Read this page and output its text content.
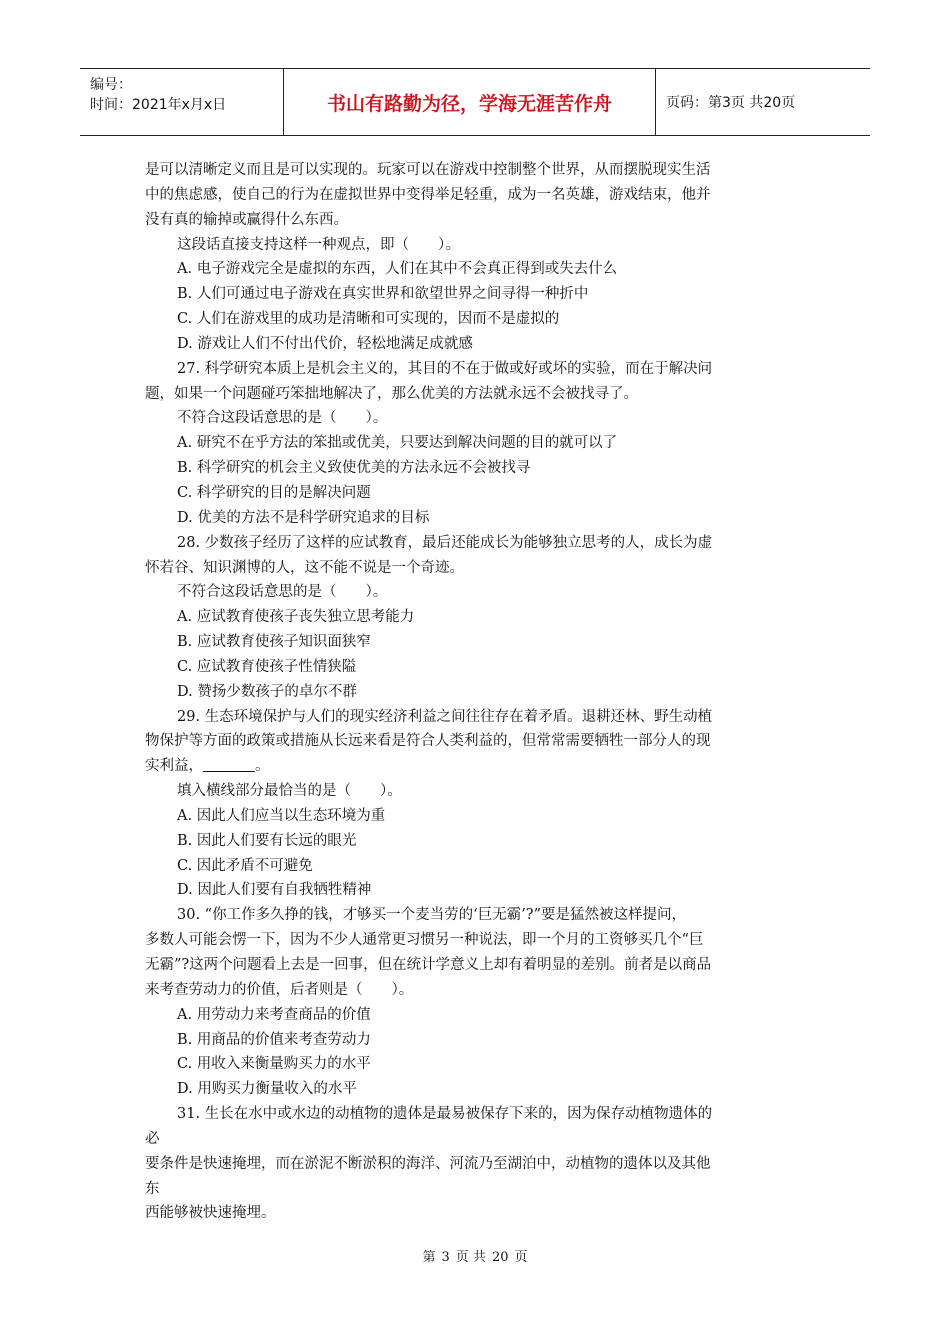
编号：
时间：2021年x月x日	书山有路勤为径，学海无涯苦作舟	页码：第3页 共20页

是可以清晰定义而且是可以实现的。玩家可以在游戏中控制整个世界，从而摆脱现实生活

中的焦虑感，使自己的行为在虚拟世界中变得举足轻重，成为一名英雄，游戏结束，他并

没有真的输掉或赢得什么东西。

这段话直接支持这样一种观点，即（　　）。

A. 电子游戏完全是虚拟的东西，人们在其中不会真正得到或失去什么

B. 人们可通过电子游戏在真实世界和欲望世界之间寻得一种折中

C. 人们在游戏里的成功是清晰和可实现的，因而不是虚拟的

D. 游戏让人们不付出代价，轻松地满足成就感

27. 科学研究本质上是机会主义的，其目的不在于做或好或坏的实验，而在于解决问

题，如果一个问题碰巧笨拙地解决了，那么优美的方法就永远不会被找寻了。

不符合这段话意思的是（　　）。

A. 研究不在乎方法的笨拙或优美，只要达到解决问题的目的就可以了

B. 科学研究的机会主义致使优美的方法永远不会被找寻

C. 科学研究的目的是解决问题

D. 优美的方法不是科学研究追求的目标

28. 少数孩子经历了这样的应试教育，最后还能成长为能够独立思考的人，成长为虚

怀若谷、知识渊博的人，这不能不说是一个奇迹。

不符合这段话意思的是（　　）。

A. 应试教育使孩子丧失独立思考能力

B. 应试教育使孩子知识面狭窄

C. 应试教育使孩子性情狭隘

D. 赞扬少数孩子的卓尔不群

29. 生态环境保护与人们的现实经济利益之间往往存在着矛盾。退耕还林、野生动植

物保护等方面的政策或措施从长远来看是符合人类利益的，但常常需要牺牲一部分人的现

实利益，	。

填入横线部分最恰当的是（　　）。

A. 因此人们应当以生态环境为重

B. 因此人们要有长远的眼光

C. 因此矛盾不可避免

D. 因此人们要有自我牺牲精神

30. “你工作多久挣的钱，才够买一个麦当劳的‘巨无霸’?”要是猛然被这样提问，

多数人可能会愣一下，因为不少人通常更习惯另一种说法，即一个月的工资够买几个“巨

无霸”?这两个问题看上去是一回事，但在统计学意义上却有着明显的差别。前者是以商品

来考查劳动力的价值，后者则是（　　）。

A. 用劳动力来考查商品的价值

B. 用商品的价值来考查劳动力

C. 用收入来衡量购买力的水平

D. 用购买力衡量收入的水平

31. 生长在水中或水边的动植物的遗体是最易被保存下来的，因为保存动植物遗体的

必

要条件是快速掩埋，而在淤泥不断淤积的海洋、河流乃至湖泊中，动植物的遗体以及其他

东

西能够被快速掩埋。

第 3 页 共 20 页
